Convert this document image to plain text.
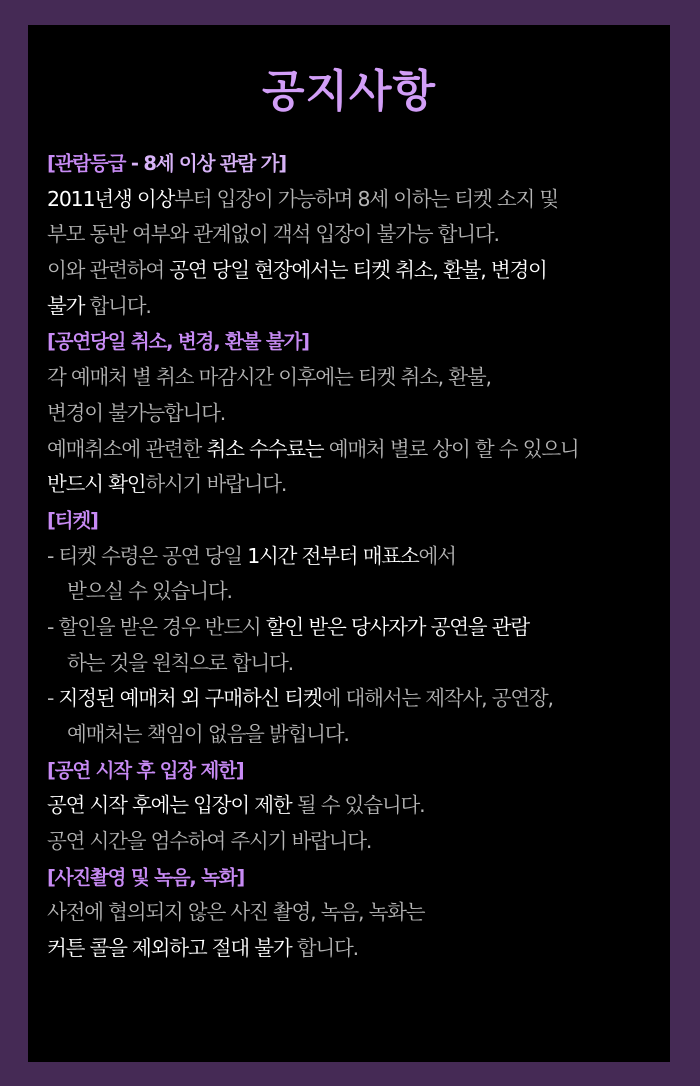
공지사항
[관람등급 - 8세 이상 관람 가]
2011년생 이상부터 입장이 가능하며 8세 이하는 티켓 소지 및
부모 동반 여부와 관계없이 객석 입장이 불가능 합니다.
이와 관련하여 공연 당일 현장에서는 티켓 취소, 환불, 변경이
불가 합니다.
[공연당일 취소, 변경, 환불 불가]
각 예매처 별 취소 마감시간 이후에는 티켓 취소, 환불,
변경이 불가능합니다.
예매취소에 관련한 취소 수수료는 예매처 별로 상이 할 수 있으니
반드시 확인하시기 바랍니다.
[티켓]
- 티켓 수령은 공연 당일 1시간 전부터 매표소에서
받으실 수 있습니다.
- 할인을 받은 경우 반드시 할인 받은 당사자가 공연을 관람
하는 것을 원칙으로 합니다.
- 지정된 예매처 외 구매하신 티켓에 대해서는 제작사, 공연장,
예매처는 책임이 없음을 밝힙니다.
[공연 시작 후 입장 제한]
공연 시작 후에는 입장이 제한 될 수 있습니다.
공연 시간을 엄수하여 주시기 바랍니다.
[사진촬영 및 녹음, 녹화]
사전에 협의되지 않은 사진 촬영, 녹음, 녹화는
커튼 콜을 제외하고 절대 불가 합니다.
